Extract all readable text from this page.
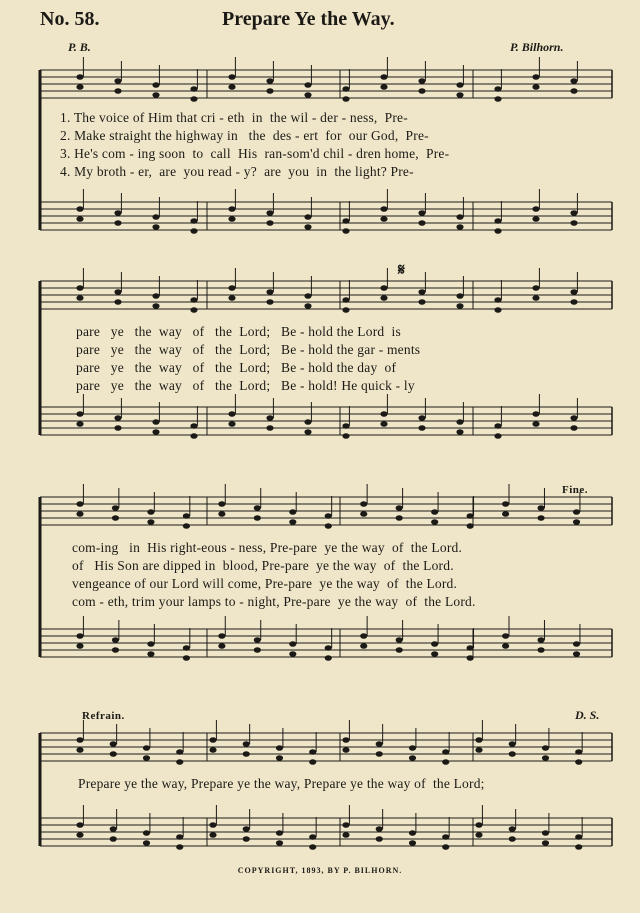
No. 58.	Prepare Ye the Way.
P. B.	P. Bilhorn.
1. The voice of Him that cri - eth  in  the wil - der - ness,  Pre-
2. Make straight the highway in   the  des - ert  for  our God,  Pre-
3. He's com - ing soon  to  call  His  ran-som'd chil - dren home,  Pre-
4. My broth - er,  are  you read - y?  are  you  in  the light? Pre-
𝄋
pare   ye   the  way   of   the  Lord;   Be - hold the Lord  is
pare   ye   the  way   of   the  Lord;   Be - hold the gar - ments
pare   ye   the  way   of   the  Lord;   Be - hold the day  of
pare   ye   the  way   of   the  Lord;   Be - hold! He quick - ly
Fine.
com-ing   in  His right-eous - ness, Pre-pare  ye the way  of  the Lord.
of   His Son are dipped in  blood, Pre-pare  ye the way  of  the Lord.
vengeance of our Lord will come, Pre-pare  ye the way  of  the Lord.
com - eth, trim your lamps to - night, Pre-pare  ye the way  of  the Lord.
Refrain.	D. S.
Prepare ye the way, Prepare ye the way, Prepare ye the way of  the Lord;
COPYRIGHT, 1893, BY P. BILHORN.
